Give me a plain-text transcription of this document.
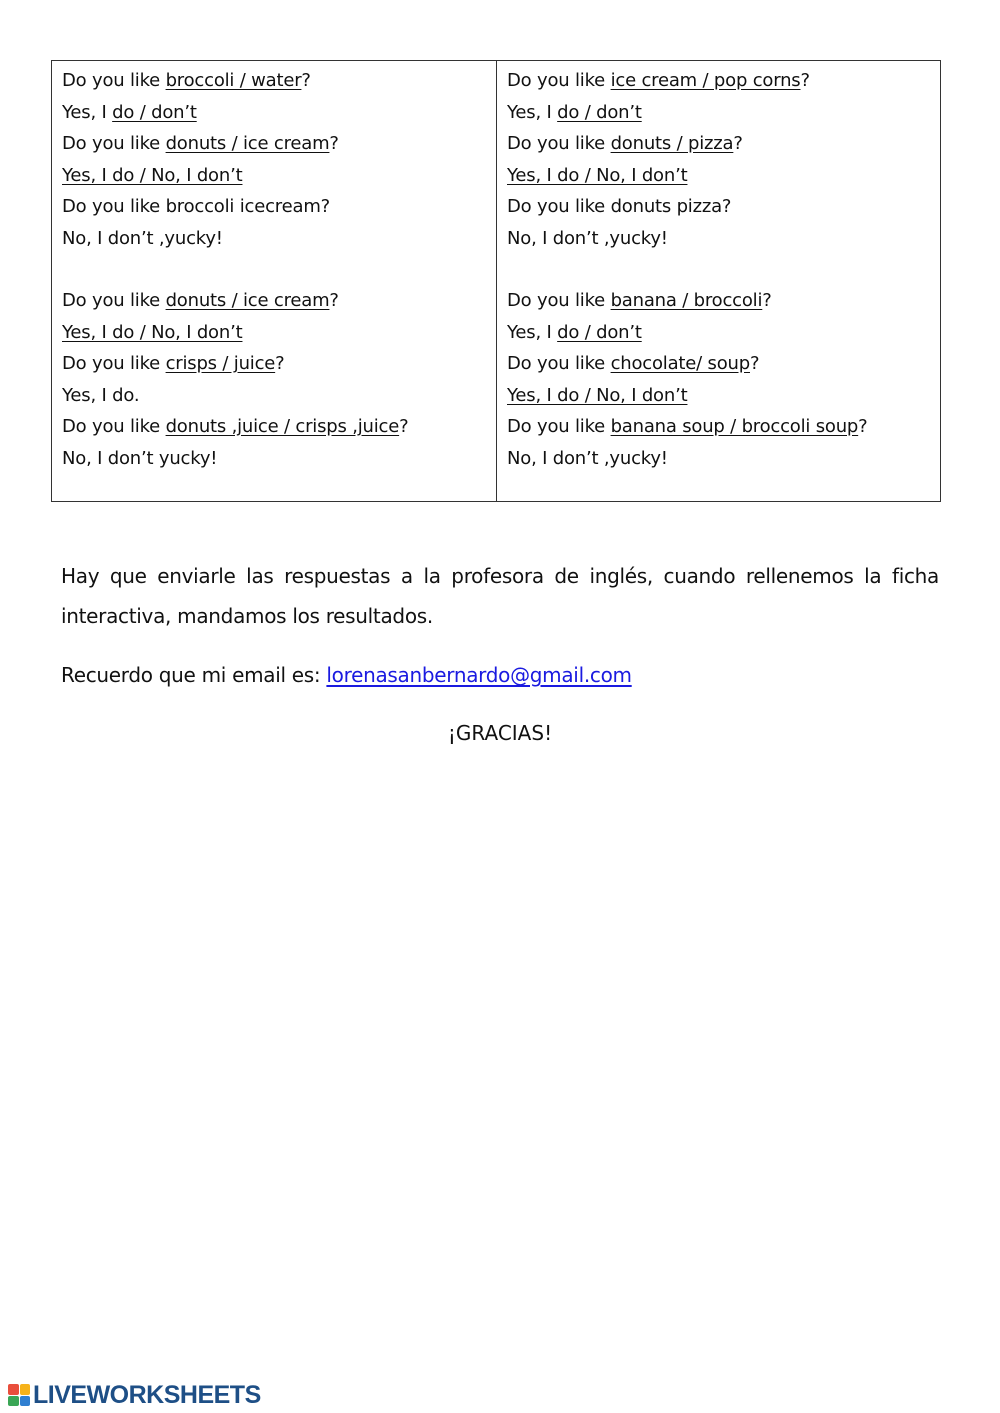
Do you like broccoli / water?
Yes, I do / don’t
Do you like donuts / ice cream?
Yes, I do / No, I don’t
Do you like broccoli icecream?
No, I don’t ,yucky!
Do you like donuts / ice cream?
Yes, I do / No, I don’t
Do you like crisps / juice?
Yes, I do.
Do you like donuts ,juice / crisps ,juice?
No, I don’t yucky!
Do you like ice cream / pop corns?
Yes, I do / don’t
Do you like donuts / pizza?
Yes, I do / No, I don’t
Do you like donuts pizza?
No, I don’t ,yucky!
Do you like banana / broccoli?
Yes, I do / don’t
Do you like chocolate/ soup?
Yes, I do / No, I don’t
Do you like banana soup / broccoli soup?
No, I don’t ,yucky!

Hay que enviarle las respuestas a la profesora de inglés, cuando rellenemos la ficha interactiva, mandamos los resultados.

Recuerdo que mi email es: lorenasanbernardo@gmail.com
¡GRACIAS!
LIVEWORKSHEETS
